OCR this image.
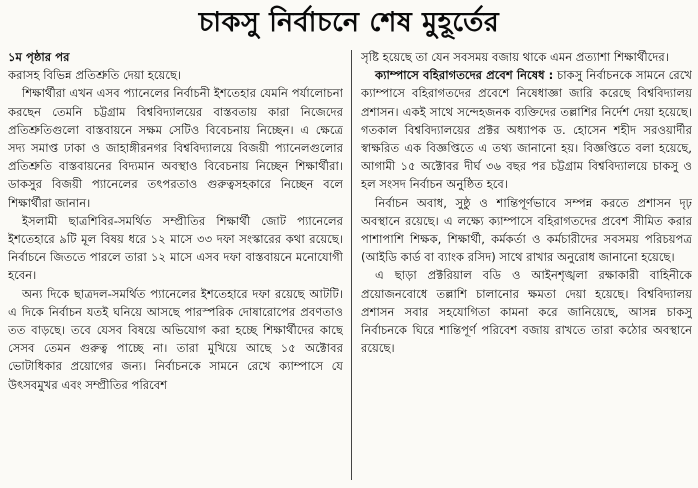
চাকসু নির্বাচনে শেষ মুহূর্তের

১ম পৃষ্ঠার পর

করাসহ বিভিন্ন প্রতিশ্রুতি দেয়া হয়েছে।

শিক্ষার্থীরা এখন এসব প্যানেলের নির্বাচনী ইশতেহার যেমনি পর্যালোচনা করছেন তেমনি চট্টগ্রাম বিশ্ববিদ্যালয়ের বাস্তবতায় কারা নিজেদের প্রতিশ্রুতিগুলো বাস্তবায়নে সক্ষম সেটিও বিবেচনায় নিচ্ছেন। এ ক্ষেত্রে সদ্য সমাপ্ত ঢাকা ও জাহাঙ্গীরনগর বিশ্ববিদ্যালয়ে বিজয়ী প্যানেলগুলোর প্রতিশ্রুতি বাস্তবায়নের বিদ্যমান অবস্থাও বিবেচনায় নিচ্ছেন শিক্ষার্থীরা। ডাকসুর বিজয়ী প্যানেলের তৎপরতাও গুরুত্বসহকারে নিচ্ছেন বলে শিক্ষার্থীরা জানান।

ইসলামী ছাত্রশিবির-সমর্থিত সম্প্রীতির শিক্ষার্থী জোট প্যানেলের ইশতেহারে ৯টি মূল বিষয় ধরে ১২ মাসে ৩৩ দফা সংস্কারের কথা রয়েছে। নির্বাচনে জিততে পারলে তারা ১২ মাসে এসব দফা বাস্তবায়নে মনোযোগী হবেন।

অন্য দিকে ছাত্রদল-সমর্থিত প্যানেলের ইশতেহারে দফা রয়েছে আটটি। এ দিকে নির্বাচন যতই ঘনিয়ে আসছে পারস্পরিক দোষারোপের প্রবণতাও তত বাড়ছে। তবে যেসব বিষয়ে অভিযোগ করা হচ্ছে শিক্ষার্থীদের কাছে সেসব তেমন গুরুত্ব পাচ্ছে না। তারা মুখিয়ে আছে ১৫ অক্টোবর ভোটাধিকার প্রয়োগের জন্য। নির্বাচনকে সামনে রেখে ক্যাম্পাসে যে উৎসবমুখর এবং সম্প্রীতির পরিবেশ

সৃষ্টি হয়েছে তা যেন সবসময় বজায় থাকে এমন প্রত্যাশা শিক্ষার্থীদের।

ক্যাম্পাসে বহিরাগতদের প্রবেশ নিষেধ : চাকসু নির্বাচনকে সামনে রেখে ক্যাম্পাসে বহিরাগতদের প্রবেশে নিষেধাজ্ঞা জারি করেছে বিশ্ববিদ্যালয় প্রশাসন। একই সাথে সন্দেহজনক ব্যক্তিদের তল্লাশির নির্দেশ দেয়া হয়েছে। গতকাল বিশ্ববিদ্যালয়ের প্রক্টর অধ্যাপক ড. হোসেন শহীদ সরওয়ার্দীর স্বাক্ষরিত এক বিজ্ঞপ্তিতে এ তথ্য জানানো হয়। বিজ্ঞপ্তিতে বলা হয়েছে, আগামী ১৫ অক্টোবর দীর্ঘ ৩৬ বছর পর চট্টগ্রাম বিশ্ববিদ্যালয়ে চাকসু ও হল সংসদ নির্বাচন অনুষ্ঠিত হবে।

নির্বাচন অবাধ, সুষ্ঠু ও শান্তিপূর্ণভাবে সম্পন্ন করতে প্রশাসন দৃঢ় অবস্থানে রয়েছে। এ লক্ষ্যে ক্যাম্পাসে বহিরাগতদের প্রবেশ সীমিত করার পাশাপাশি শিক্ষক, শিক্ষার্থী, কর্মকর্তা ও কর্মচারীদের সবসময় পরিচয়পত্র (আইডি কার্ড বা ব্যাংক রসিদ) সাথে রাখার অনুরোধ জানানো হয়েছে।

এ ছাড়া প্রক্টরিয়াল বডি ও আইনশৃঙ্খলা রক্ষাকারী বাহিনীকে প্রয়োজনবোধে তল্লাশি চালানোর ক্ষমতা দেয়া হয়েছে। বিশ্ববিদ্যালয় প্রশাসন সবার সহযোগিতা কামনা করে জানিয়েছে, আসন্ন চাকসু নির্বাচনকে ঘিরে শান্তিপূর্ণ পরিবেশ বজায় রাখতে তারা কঠোর অবস্থানে রয়েছে।
